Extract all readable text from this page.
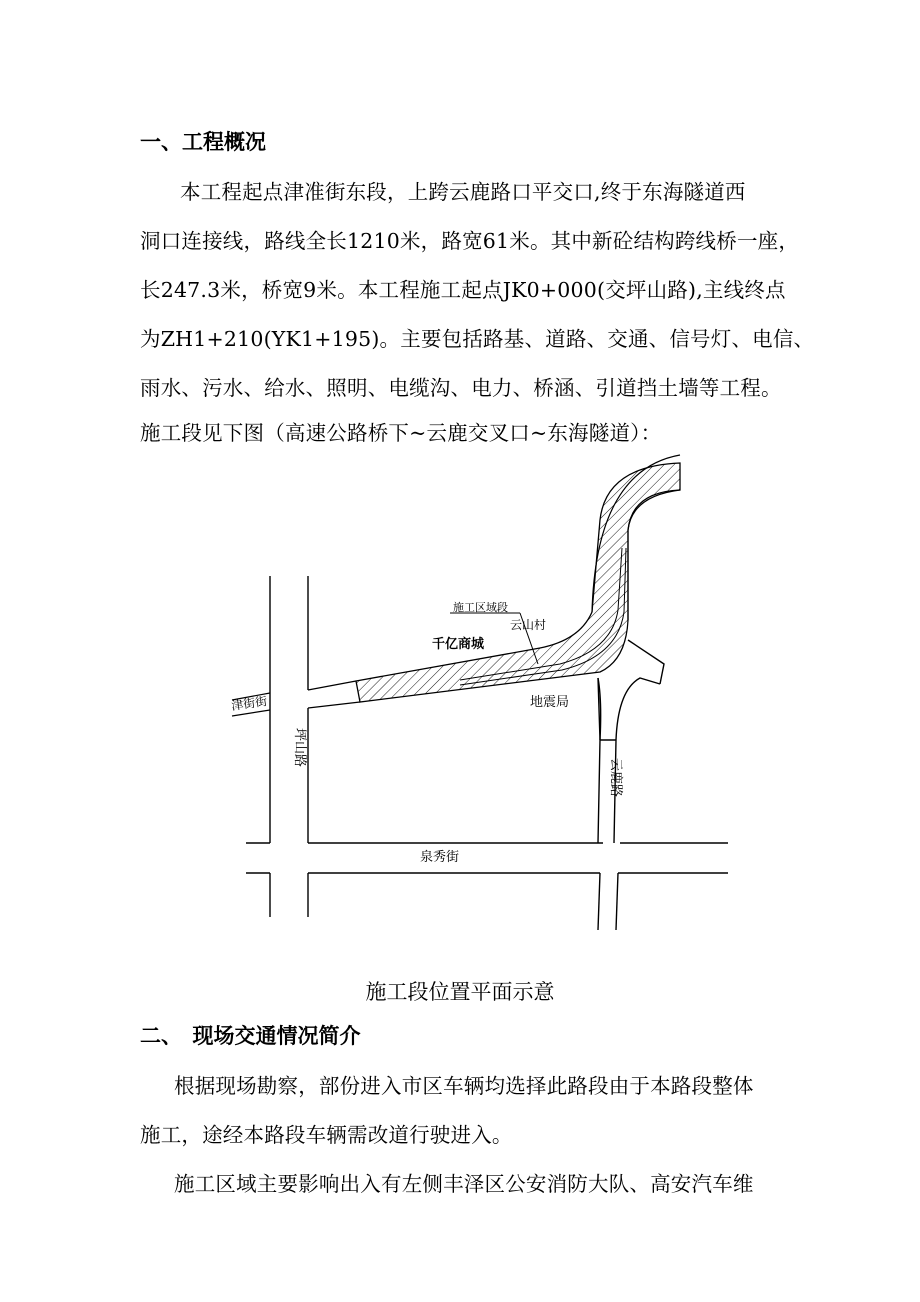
一、工程概况
本工程起点津准街东段，上跨云鹿路口平交口,终于东海隧道西
洞口连接线，路线全长1210米，路宽61米。其中新砼结构跨线桥一座，
长247.3米，桥宽9米。本工程施工起点JK0+000(交坪山路),主线终点
为ZH1+210(YK1+195)。主要包括路基、道路、交通、信号灯、电信、
雨水、污水、给水、照明、电缆沟、电力、桥涵、引道挡土墙等工程。
施工段见下图（高速公路桥下~云鹿交叉口~东海隧道）：
施工区域段
云山村
千亿商城
地震局
津街街
坪山路
云鹿路
泉秀街
施工段位置平面示意
二、　现场交通情况简介
根据现场勘察，部份进入市区车辆均选择此路段由于本路段整体
施工，途经本路段车辆需改道行驶进入。
施工区域主要影响出入有左侧丰泽区公安消防大队、高安汽车维
